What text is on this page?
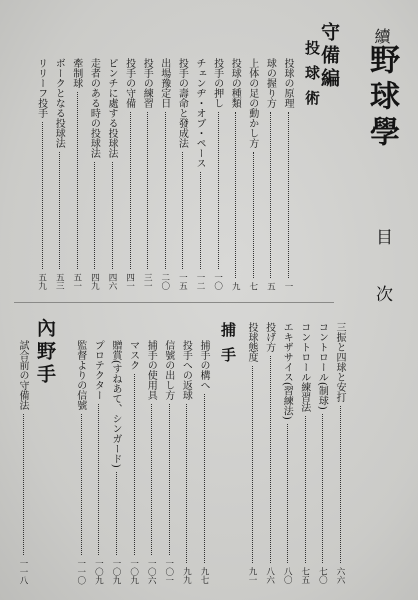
續野球學
目次
守備編
投球術
投球の原理
一
球の握り方
五
上体の足の動かし方
七
投球の種類
九
投手の押し
一〇
チェンヂ・オブ・ペース
一二
投手の壽命と發成法
一五
出場豫定日
二〇
投手の練習
三一
投手の守備
四一
ピンチに處する投球法
四六
走者のある時の投球法
四九
牽制球
五一
ボークとなる投球法
五三
リリーフ投手
五九
三振と四球と安打
六六
コントロール(制球)
七〇
コントロール練習法
七五
エキザサイス(習練法)
八〇
投げ方
八六
投球態度
九一
捕手
捕手の構へ
九七
投手への返球
九九
信號の出し方
一〇一
捕手の使用具
一〇六
マスク
一〇九
贈賞(すねあて、シンガード)
一〇九
プロテクター
一〇九
監督よりの信號
一一〇
內野手
試合前の守備法
一一八
